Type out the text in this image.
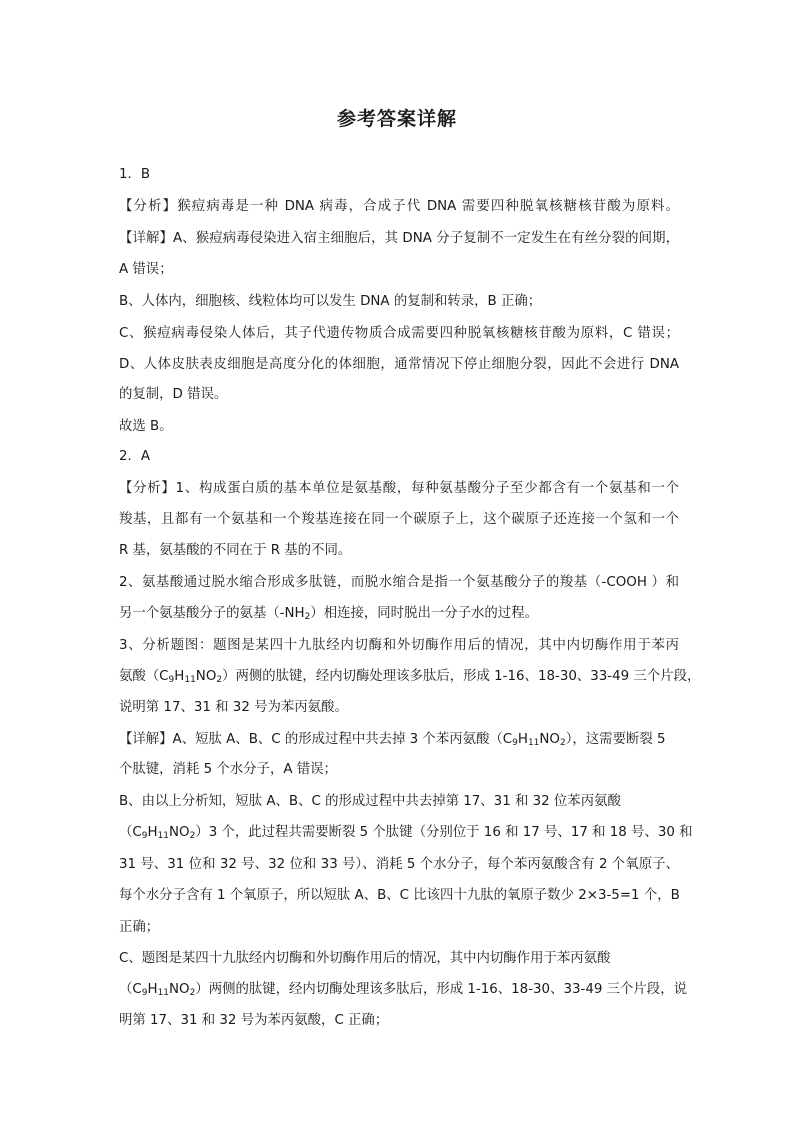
参考答案详解
1．B
【分析】猴痘病毒是一种 DNA 病毒，合成子代 DNA 需要四种脱氧核糖核苷酸为原料。
【详解】A、猴痘病毒侵染进入宿主细胞后，其 DNA 分子复制不一定发生在有丝分裂的间期，
A 错误；
B、人体内，细胞核、线粒体均可以发生 DNA 的复制和转录，B 正确；
C、猴痘病毒侵染人体后，其子代遗传物质合成需要四种脱氧核糖核苷酸为原料，C 错误；
D、人体皮肤表皮细胞是高度分化的体细胞，通常情况下停止细胞分裂，因此不会进行 DNA
的复制，D 错误。
故选 B。
2．A
【分析】1、构成蛋白质的基本单位是氨基酸，每种氨基酸分子至少都含有一个氨基和一个
羧基，且都有一个氨基和一个羧基连接在同一个碳原子上，这个碳原子还连接一个氢和一个
R 基，氨基酸的不同在于 R 基的不同。
2、氨基酸通过脱水缩合形成多肽链，而脱水缩合是指一个氨基酸分子的羧基（-COOH ）和
另一个氨基酸分子的氨基$(-NH_2)$相连接，同时脱出一分子水的过程。
3、分析题图：题图是某四十九肽经内切酶和外切酶作用后的情况，其中内切酶作用于苯丙
氨酸$(C_9H_{11}NO_2)$两侧的肽键，经内切酶处理该多肽后，形成 1-16、18-30、33-49 三个片段，
说明第 17、31 和 32 号为苯丙氨酸。
【详解】A、短肽 A、B、C 的形成过程中共去掉 3 个苯丙氨酸$(C_9H_{11}NO_2)$，这需要断裂 5
个肽键，消耗 5 个水分子，A 错误；
B、由以上分析知，短肽 A、B、C 的形成过程中共去掉第 17、31 和 32 位苯丙氨酸
$(C_9H_{11}NO_2)3$ 个，此过程共需要断裂 5 个肽键（分别位于 16 和 17 号、17 和 18 号、30 和
31 号、31 位和 32 号、32 位和 33 号）、消耗 5 个水分子，每个苯丙氨酸含有 2 个氧原子、
每个水分子含有 1 个氧原子，所以短肽 A、B、C 比该四十九肽的氧原子数少 2×3-5=1 个，B
正确；
C、题图是某四十九肽经内切酶和外切酶作用后的情况，其中内切酶作用于苯丙氨酸
$(C_9H_{11}NO_2)$两侧的肽键，经内切酶处理该多肽后，形成 1-16、18-30、33-49 三个片段，说
明第 17、31 和 32 号为苯丙氨酸，C 正确；
